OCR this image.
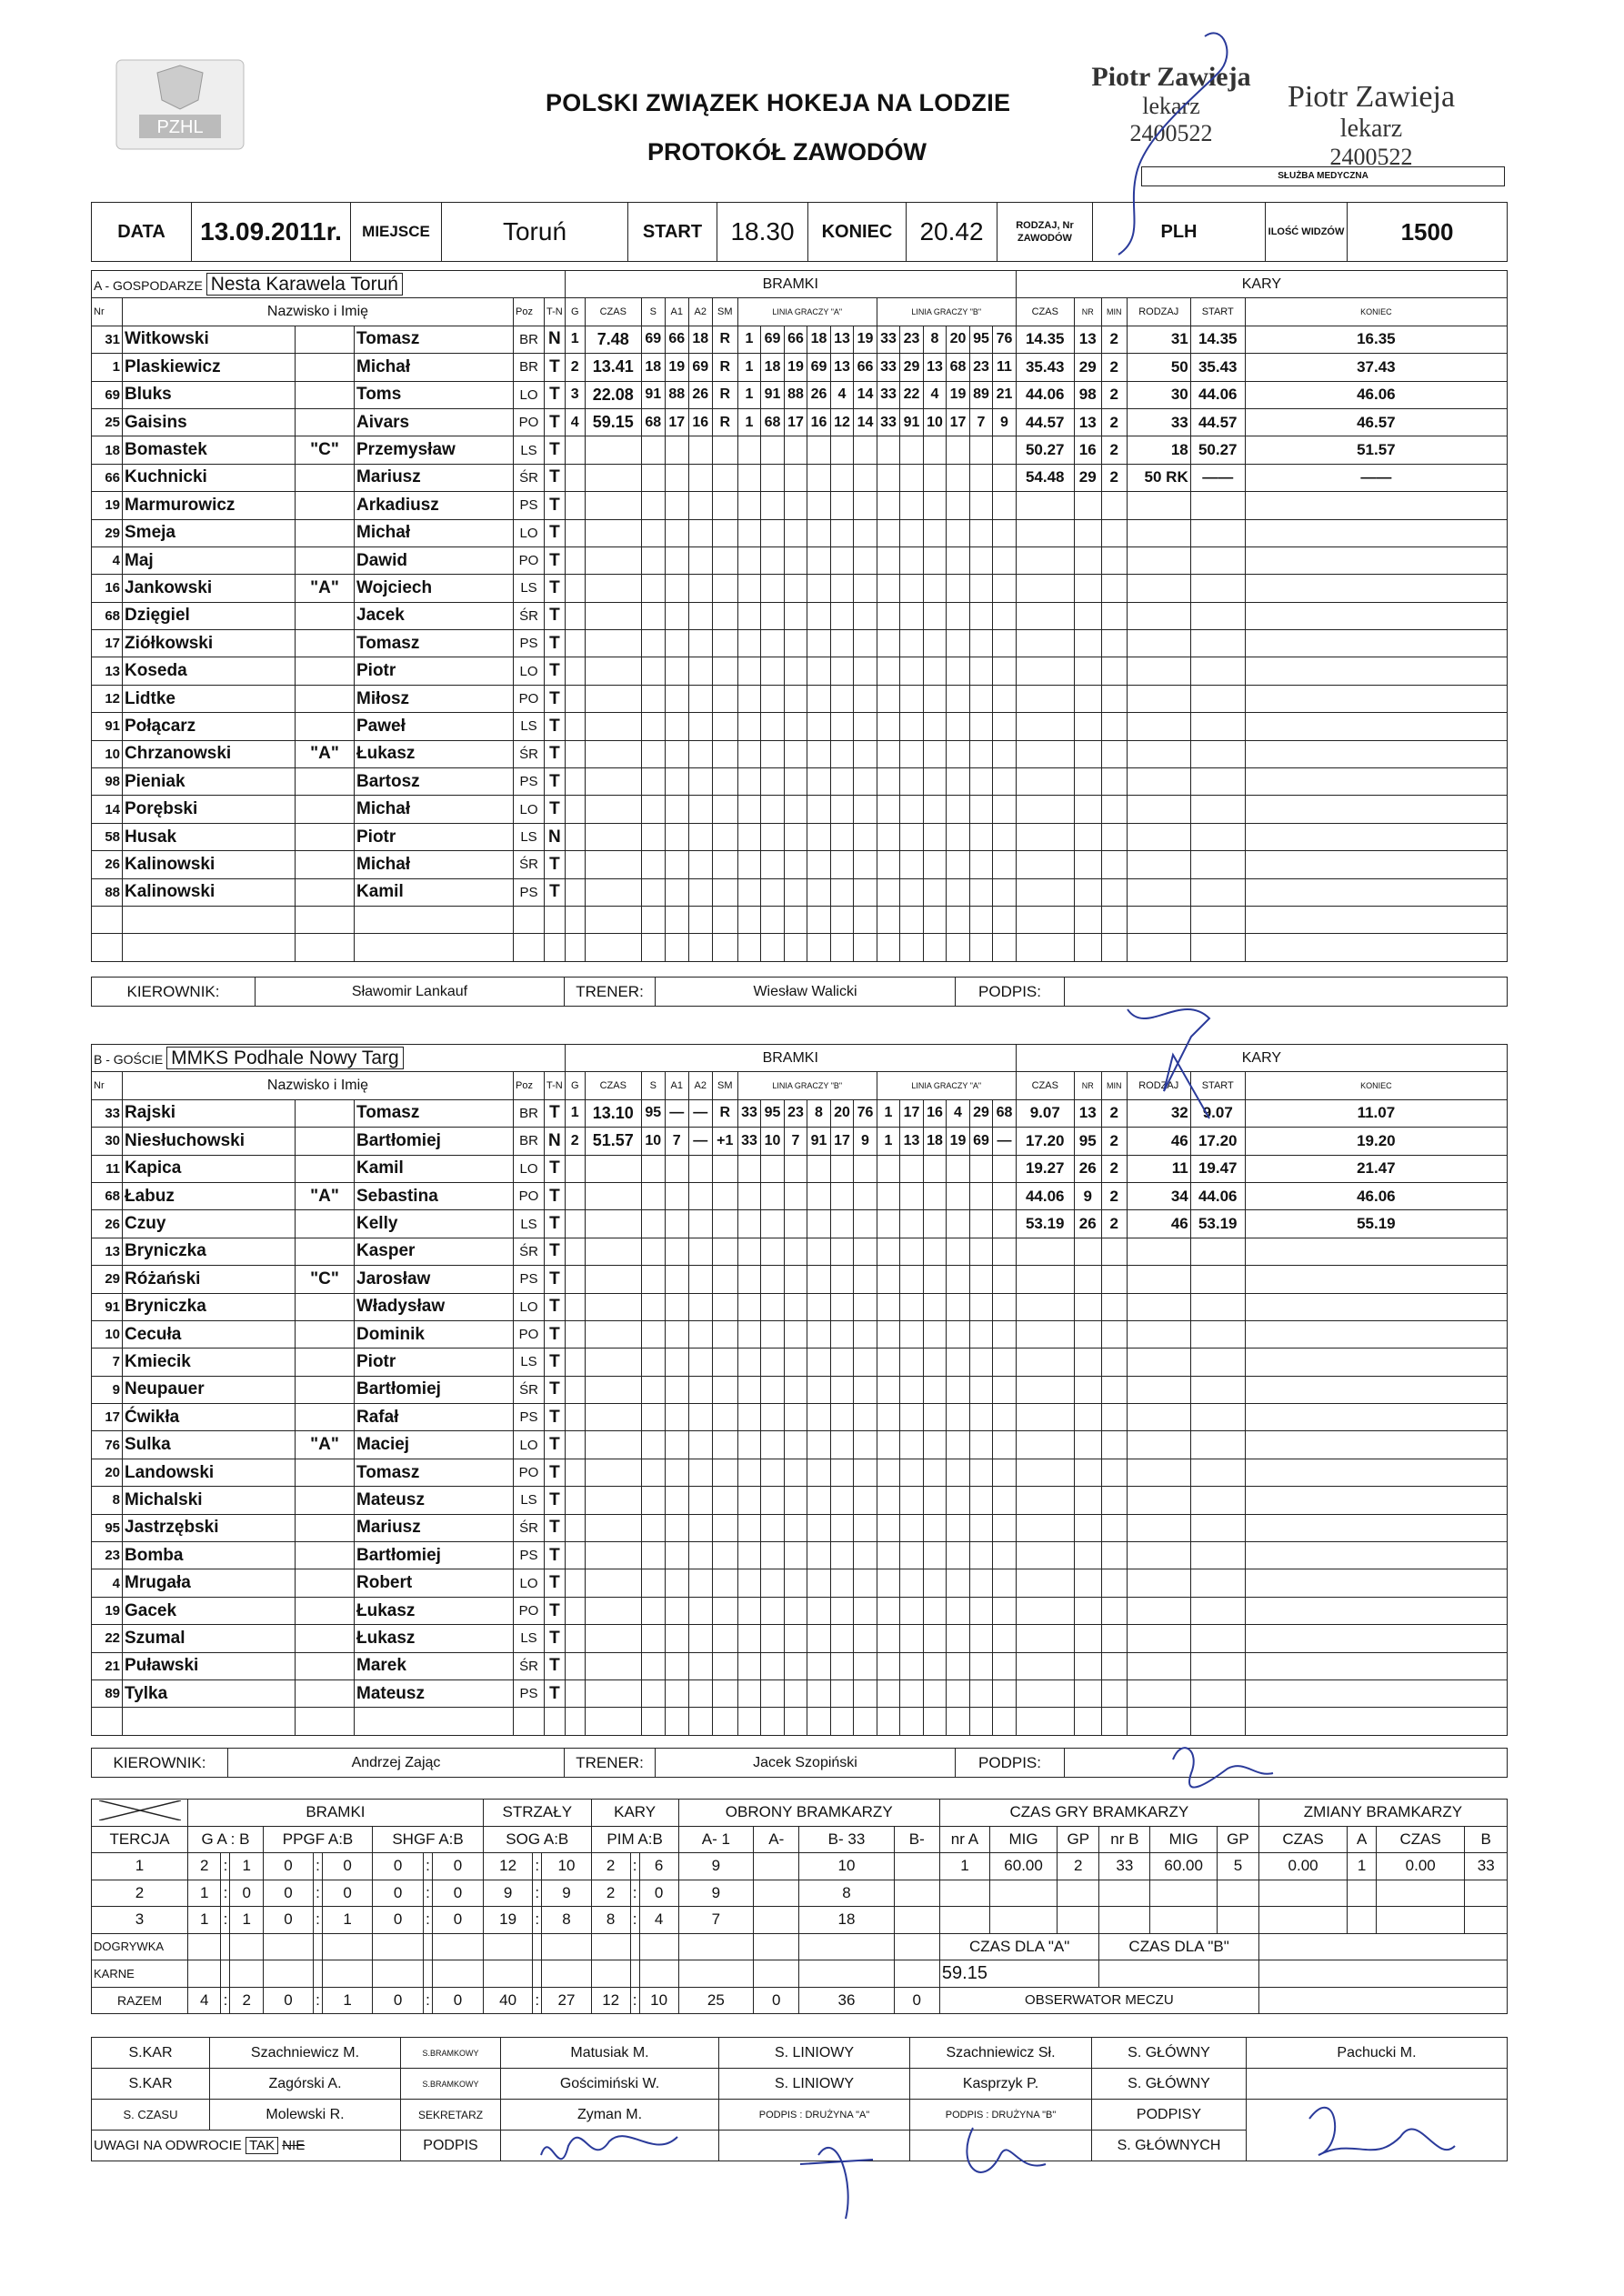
PZHL
POLSKI ZWIĄZEK HOKEJA NA LODZIE
PROTOKÓŁ ZAWODÓW
Piotr Zawieja
lekarz
2400522
Piotr Zawieja
lekarz
2400522
SŁUŻBA MEDYCZNA
DATA	13.09.2011r.	MIEJSCE	Toruń	START	18.30	KONIEC	20.42	RODZAJ, Nr ZAWODÓW	PLH	ILOŚĆ WIDZÓW	1500
A - GOSPODARZE Nesta Karawela Toruń						BRAMKI																		KARY					
Nr	Nazwisko i Imię			Poz	T-N	G	CZAS	S	A1	A2	SM	LINIA GRACZY "A"						LINIA GRACZY "B"						CZAS	NR	MIN	RODZAJ	START	KONIEC
31	Witkowski		Tomasz	BR	N	1	7.48	69	66	18	R	1	69	66	18	13	19	33	23	8	20	95	76	14.35	13	2	31	14.35	16.35
1	Plaskiewicz		Michał	BR	T	2	13.41	18	19	69	R	1	18	19	69	13	66	33	29	13	68	23	11	35.43	29	2	50	35.43	37.43
69	Bluks		Toms	LO	T	3	22.08	91	88	26	R	1	91	88	26	4	14	33	22	4	19	89	21	44.06	98	2	30	44.06	46.06
25	Gaisins		Aivars	PO	T	4	59.15	68	17	16	R	1	68	17	16	12	14	33	91	10	17	7	9	44.57	13	2	33	44.57	46.57
18	Bomastek	"C"	Przemysław	LS	T																			50.27	16	2	18	50.27	51.57
66	Kuchnicki		Mariusz	ŚR	T																			54.48	29	2	50 RK	——	——
19	Marmurowicz		Arkadiusz	PS	T																								
29	Smeja		Michał	LO	T																								
4	Maj		Dawid	PO	T																								
16	Jankowski	"A"	Wojciech	LS	T																								
68	Dzięgiel		Jacek	ŚR	T																								
17	Ziółkowski		Tomasz	PS	T																								
13	Koseda		Piotr	LO	T																								
12	Lidtke		Miłosz	PO	T																								
91	Połącarz		Paweł	LS	T																								
10	Chrzanowski	"A"	Łukasz	ŚR	T																								
98	Pieniak		Bartosz	PS	T																								
14	Porębski		Michał	LO	T																								
58	Husak		Piotr	LS	N																								
26	Kalinowski		Michał	ŚR	T																								
88	Kalinowski		Kamil	PS	T																								

KIEROWNIK:	Sławomir Lankauf	TRENER:	Wiesław Walicki	PODPIS:	
B - GOŚCIE MMKS Podhale Nowy Targ						BRAMKI																		KARY					
Nr	Nazwisko i Imię			Poz	T-N	G	CZAS	S	A1	A2	SM	LINIA GRACZY "B"						LINIA GRACZY "A"						CZAS	NR	MIN	RODZAJ	START	KONIEC
33	Rajski		Tomasz	BR	T	1	13.10	95	—	—	R	33	95	23	8	20	76	1	17	16	4	29	68	9.07	13	2	32	9.07	11.07
30	Niesłuchowski		Bartłomiej	BR	N	2	51.57	10	7	—	+1	33	10	7	91	17	9	1	13	18	19	69	—	17.20	95	2	46	17.20	19.20
11	Kapica		Kamil	LO	T																			19.27	26	2	11	19.47	21.47
68	Łabuz	"A"	Sebastina	PO	T																			44.06	9	2	34	44.06	46.06
26	Czuy		Kelly	LS	T																			53.19	26	2	46	53.19	55.19
13	Bryniczka		Kasper	ŚR	T																								
29	Różański	"C"	Jarosław	PS	T																								
91	Bryniczka		Władysław	LO	T																								
10	Cecuła		Dominik	PO	T																								
7	Kmiecik		Piotr	LS	T																								
9	Neupauer		Bartłomiej	ŚR	T																								
17	Ćwikła		Rafał	PS	T																								
76	Sulka	"A"	Maciej	LO	T																								
20	Landowski		Tomasz	PO	T																								
8	Michalski		Mateusz	LS	T																								
95	Jastrzębski		Mariusz	ŚR	T																								
23	Bomba		Bartłomiej	PS	T																								
4	Mrugała		Robert	LO	T																								
19	Gacek		Łukasz	PO	T																								
22	Szumal		Łukasz	LS	T																								
21	Puławski		Marek	ŚR	T																								
89	Tylka		Mateusz	PS	T																								

KIEROWNIK:	Andrzej Zając	TRENER:	Jacek Szopiński	PODPIS:	
	BRAMKI									STRZAŁY			KARY			OBRONY BRAMKARZY				CZAS GRY BRAMKARZY						ZMIANY BRAMKARZY			
TERCJA	G A : B			PPGF A:B			SHGF A:B			SOG A:B			PIM A:B			A- 1	A-	B- 33	B-	nr A	MIG	GP	nr B	MIG	GP	CZAS	A	CZAS	B
1	2	:	1	0	:	0	0	:	0	12	:	10	2	:	6	9		10		1	60.00	2	33	60.00	5	0.00	1	0.00	33
2	1	:	0	0	:	0	0	:	0	9	:	9	2	:	0	9		8											
3	1	:	1	0	:	1	0	:	0	19	:	8	8	:	4	7		18											
DOGRYWKA																				CZAS DLA "A"			CZAS DLA "B"						
KARNE																				59.15									
RAZEM	4	:	2	0	:	1	0	:	0	40	:	27	12	:	10	25	0	36	0	OBSERWATOR MECZU									
S.KAR	Szachniewicz M.	S.BRAMKOWY	Matusiak M.	S. LINIOWY	Szachniewicz Sł.	S. GŁÓWNY	Pachucki M.
S.KAR	Zagórski A.	S.BRAMKOWY	Gościmiński W.	S. LINIOWY	Kasprzyk P.	S. GŁÓWNY	
S. CZASU	Molewski R.	SEKRETARZ	Zyman M.	PODPIS : DRUŻYNA "A"	PODPIS : DRUŻYNA "B"	PODPISY	
UWAGI NA ODWROCIE TAK NIE		PODPIS				S. GŁÓWNYCH	
